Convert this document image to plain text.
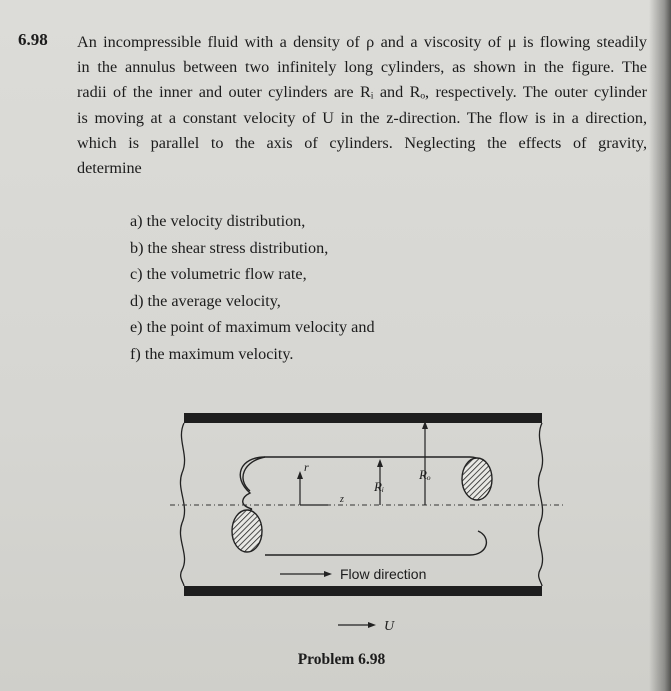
6.98 An incompressible fluid with a density of ρ and a viscosity of μ is flowing steadily
in the annulus between two infinitely long cylinders, as shown in the figure. The
radii of the inner and outer cylinders are Rᵢ and Rₒ, respectively. The outer cylinder
is moving at a constant velocity of U in the z-direction. The flow is in a direction,
which is parallel to the axis of cylinders. Neglecting the effects of gravity,
determine
a) the velocity distribution,
b) the shear stress distribution,
c) the volumetric flow rate,
d) the average velocity,
e) the point of maximum velocity and
f) the maximum velocity.
r
z
Rᵢ
Rₒ
Flow direction
U
Problem 6.98
